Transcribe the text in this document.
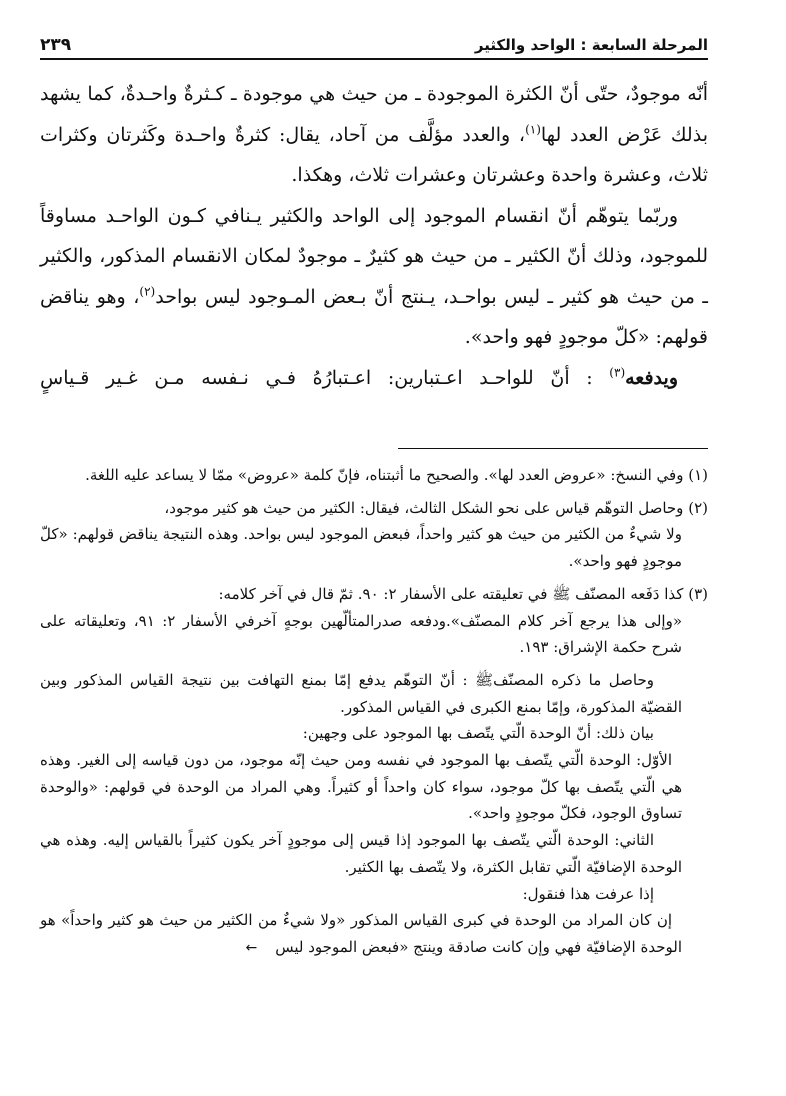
المرحلة السابعة : الواحد والكثير
٢٣٩

أنّه موجودٌ، حتّى أنّ الكثرة الموجودة ـ من حيث هي موجودة ـ كـثرةٌ واحـدةٌ، كما يشهد بذلك عَرْض العدد لها$^{(١)}$، والعدد مؤلَّف من آحاد، يقال: كثرةٌ واحـدة وكَثرتان وكثرات ثلاث، وعشرة واحدة وعشرتان وعشرات ثلاث، وهكذا.

وربّما يتوهّم أنّ انقسام الموجود إلى الواحد والكثير يـنافي كـون الواحـد مساوقاً للموجود، وذلك أنّ الكثير ـ من حيث هو كثيرٌ ـ موجودٌ لمكان الانقسام المذكور، والكثير ـ من حيث هو كثير ـ ليس بواحـد، يـنتج أنّ بـعض المـوجود ليس بواحد$^{(٢)}$، وهو يناقض قولهم: «كلّ موجودٍ فهو واحد».

ويدفعه$^{(٣)}$ : أنّ للواحـد اعـتبارين: اعـتبارُهُ فـي نـفسه مـن غـير قـياسٍ

(١) وفي النسخ: «عروض العدد لها». والصحيح ما أثبتناه، فإنّ كلمة «عروض» ممّا لا يساعد عليه اللغة.

(٢) وحاصل التوهّم قياس على نحو الشكل الثالث، فيقال: الكثير من حيث هو كثير موجود،

ولا شيءٌ من الكثير من حيث هو كثير واحداً، فبعض الموجود ليس بواحد. وهذه النتيجة يناقض قولهم: «كلّ موجودٍ فهو واحد».

(٣) كذا دَفَعه المصنّف ﷺ في تعليقته على الأسفار ٢: ٩٠. ثمّ قال في آخر كلامه:

«وإلى هذا يرجع آخر كلام المصنّف».ودفعه صدرالمتألّهين بوجهٍ آخرفي الأسفار ٢: ٩١، وتعليقاته على شرح حكمة الإشراق: ١٩٣.

وحاصل ما ذكره المصنّفﷺ : أنّ التوهّم يدفع إمّا بمنع التهافت بين نتيجة القياس المذكور وبين القضيّة المذكورة، وإمّا بمنع الكبرى في القياس المذكور.

بيان ذلك: أنّ الوحدة الّتي يتّصف بها الموجود على وجهين:

الأوّل: الوحدة الّتي يتّصف بها الموجود في نفسه ومن حيث إنّه موجود، من دون قياسه إلى الغير. وهذه هي الّتي يتّصف بها كلّ موجود، سواء كان واحداً أو كثيراً. وهي المراد من الوحدة في قولهم: «والوحدة تساوق الوجود، فكلّ موجودٍ واحد».

الثاني: الوحدة الّتي يتّصف بها الموجود إذا قيس إلى موجودٍ آخر يكون كثيراً بالقياس إليه. وهذه هي الوحدة الإضافيّة الّتي تقابل الكثرة، ولا يتّصف بها الكثير.

إذا عرفت هذا فنقول:

إن كان المراد من الوحدة في كبرى القياس المذكور «ولا شيءٌ من الكثير من حيث هو كثير واحداً» هو الوحدة الإضافيّة فهي وإن كانت صادقة وينتج «فبعض الموجود ليس←
